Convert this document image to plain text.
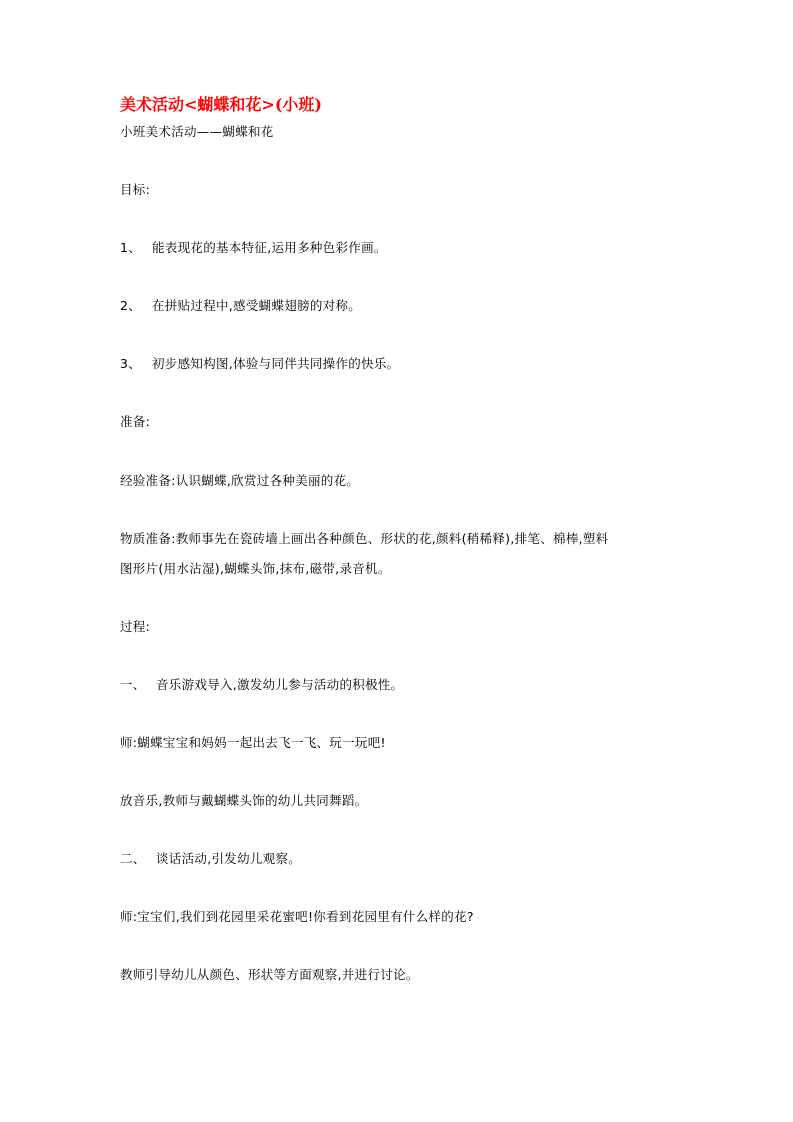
美术活动<蝴蝶和花>(小班)
小班美术活动——蝴蝶和花
目标:
1、 能表现花的基本特征,运用多种色彩作画。
2、 在拼贴过程中,感受蝴蝶翅膀的对称。
3、 初步感知构图,体验与同伴共同操作的快乐。
准备:
经验准备:认识蝴蝶,欣赏过各种美丽的花。
物质准备:教师事先在瓷砖墙上画出各种颜色、形状的花,颜料(稍稀释),排笔、棉棒,塑料
图形片(用水沾湿),蝴蝶头饰,抹布,磁带,录音机。
过程:
一、 音乐游戏导入,激发幼儿参与活动的积极性。
师:蝴蝶宝宝和妈妈一起出去飞一飞、玩一玩吧!
放音乐,教师与戴蝴蝶头饰的幼儿共同舞蹈。
二、 谈话活动,引发幼儿观察。
师:宝宝们,我们到花园里采花蜜吧!你看到花园里有什么样的花?
教师引导幼儿从颜色、形状等方面观察,并进行讨论。
